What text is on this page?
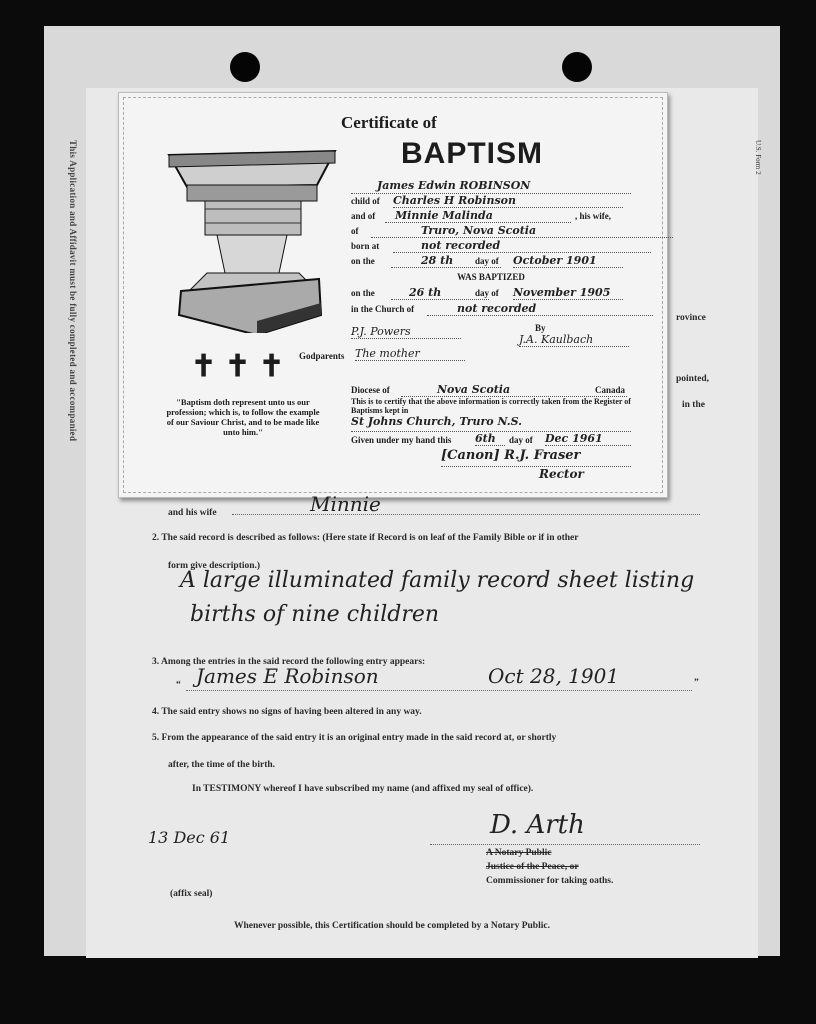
This Application and Affidavit must be fully completed and accompanied	U.S. Form 2
rovince
pointed,
in the
Certificate of
BAPTISM
✝ ✝ ✝
"Baptism doth represent unto us our profession; which is, to follow the example of our Saviour Christ, and to be made like unto him."
James Edwin ROBINSON
child of Charles H Robinson
and of	Minnie Malinda	, his wife,
of	Truro, Nova Scotia
born at	not recorded
on the	28 th	day of October 1901
WAS BAPTIZED
on the	26 th	day of November 1905
in the Church of	not recorded
By
J.A. Kaulbach
P.J. Powers
Godparents The mother
Diocese of	Nova Scotia	Canada
This is to certify that the above information is correctly taken from the Register of Baptisms kept in
St Johns Church, Truro N.S.
Given under my hand this 6th	day of Dec 1961
[Canon] R.J. Fraser
Rector
and his wife	Minnie
2. The said record is described as follows: (Here state if Record is on leaf of the Family Bible or if in other
form give description.)
A large illuminated family record sheet listing
births of nine children
3. Among the entries in the said record the following entry appears:
“	”
James E Robinson	Oct 28, 1901
4. The said entry shows no signs of having been altered in any way.
5. From the appearance of the said entry it is an original entry made in the said record at, or shortly
after, the time of the birth.
In TESTIMONY whereof I have subscribed my name (and affixed my seal of office).
13 Dec 61	D. Arth
A Notary Public
Justice of the Peace, or
Commissioner for taking oaths.
(affix seal)
Whenever possible, this Certification should be completed by a Notary Public.
